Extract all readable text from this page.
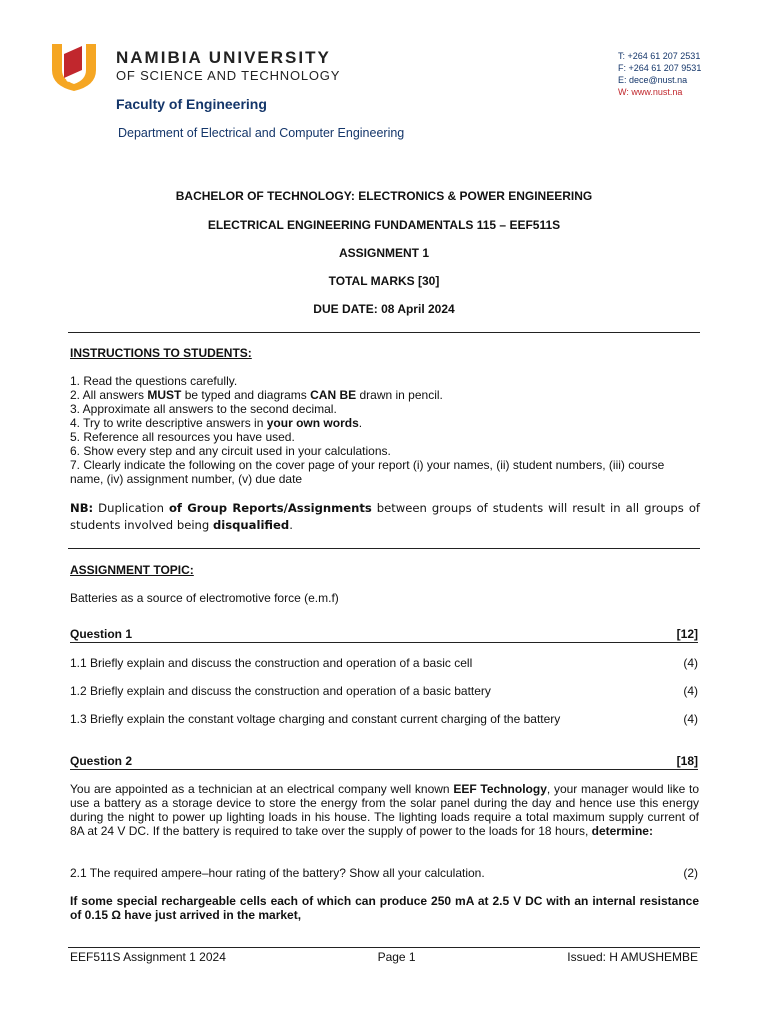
NAMIBIA UNIVERSITY
OF SCIENCE AND TECHNOLOGY
Faculty of Engineering
Department of Electrical and Computer Engineering
T: +264 61 207 2531
F: +264 61 207 9531
E: dece@nust.na
W: www.nust.na
BACHELOR OF TECHNOLOGY: ELECTRONICS & POWER ENGINEERING
ELECTRICAL ENGINEERING FUNDAMENTALS 115 – EEF511S
ASSIGNMENT 1
TOTAL MARKS [30]
DUE DATE: 08 April 2024
INSTRUCTIONS TO STUDENTS:
1. Read the questions carefully.
2. All answers MUST be typed and diagrams CAN BE drawn in pencil.
3. Approximate all answers to the second decimal.
4. Try to write descriptive answers in your own words.
5. Reference all resources you have used.
6. Show every step and any circuit used in your calculations.
7. Clearly indicate the following on the cover page of your report (i) your names, (ii) student numbers, (iii) course name, (iv) assignment number, (v) due date
NB: Duplication of Group Reports/Assignments between groups of students will result in all groups of students involved being disqualified.
ASSIGNMENT TOPIC:
Batteries as a source of electromotive force (e.m.f)
Question 1	[12]
1.1 Briefly explain and discuss the construction and operation of a basic cell	(4)
1.2 Briefly explain and discuss the construction and operation of a basic battery	(4)
1.3 Briefly explain the constant voltage charging and constant current charging of the battery	(4)
Question 2	[18]
You are appointed as a technician at an electrical company well known EEF Technology, your manager would like to use a battery as a storage device to store the energy from the solar panel during the day and hence use this energy during the night to power up lighting loads in his house. The lighting loads require a total maximum supply current of 8A at 24 V DC. If the battery is required to take over the supply of power to the loads for 18 hours, determine:
2.1 The required ampere–hour rating of the battery? Show all your calculation.	(2)
If some special rechargeable cells each of which can produce 250 mA at 2.5 V DC with an internal resistance of 0.15 Ω have just arrived in the market,
EEF511S Assignment 1 2024	Page 1	Issued: H AMUSHEMBE
